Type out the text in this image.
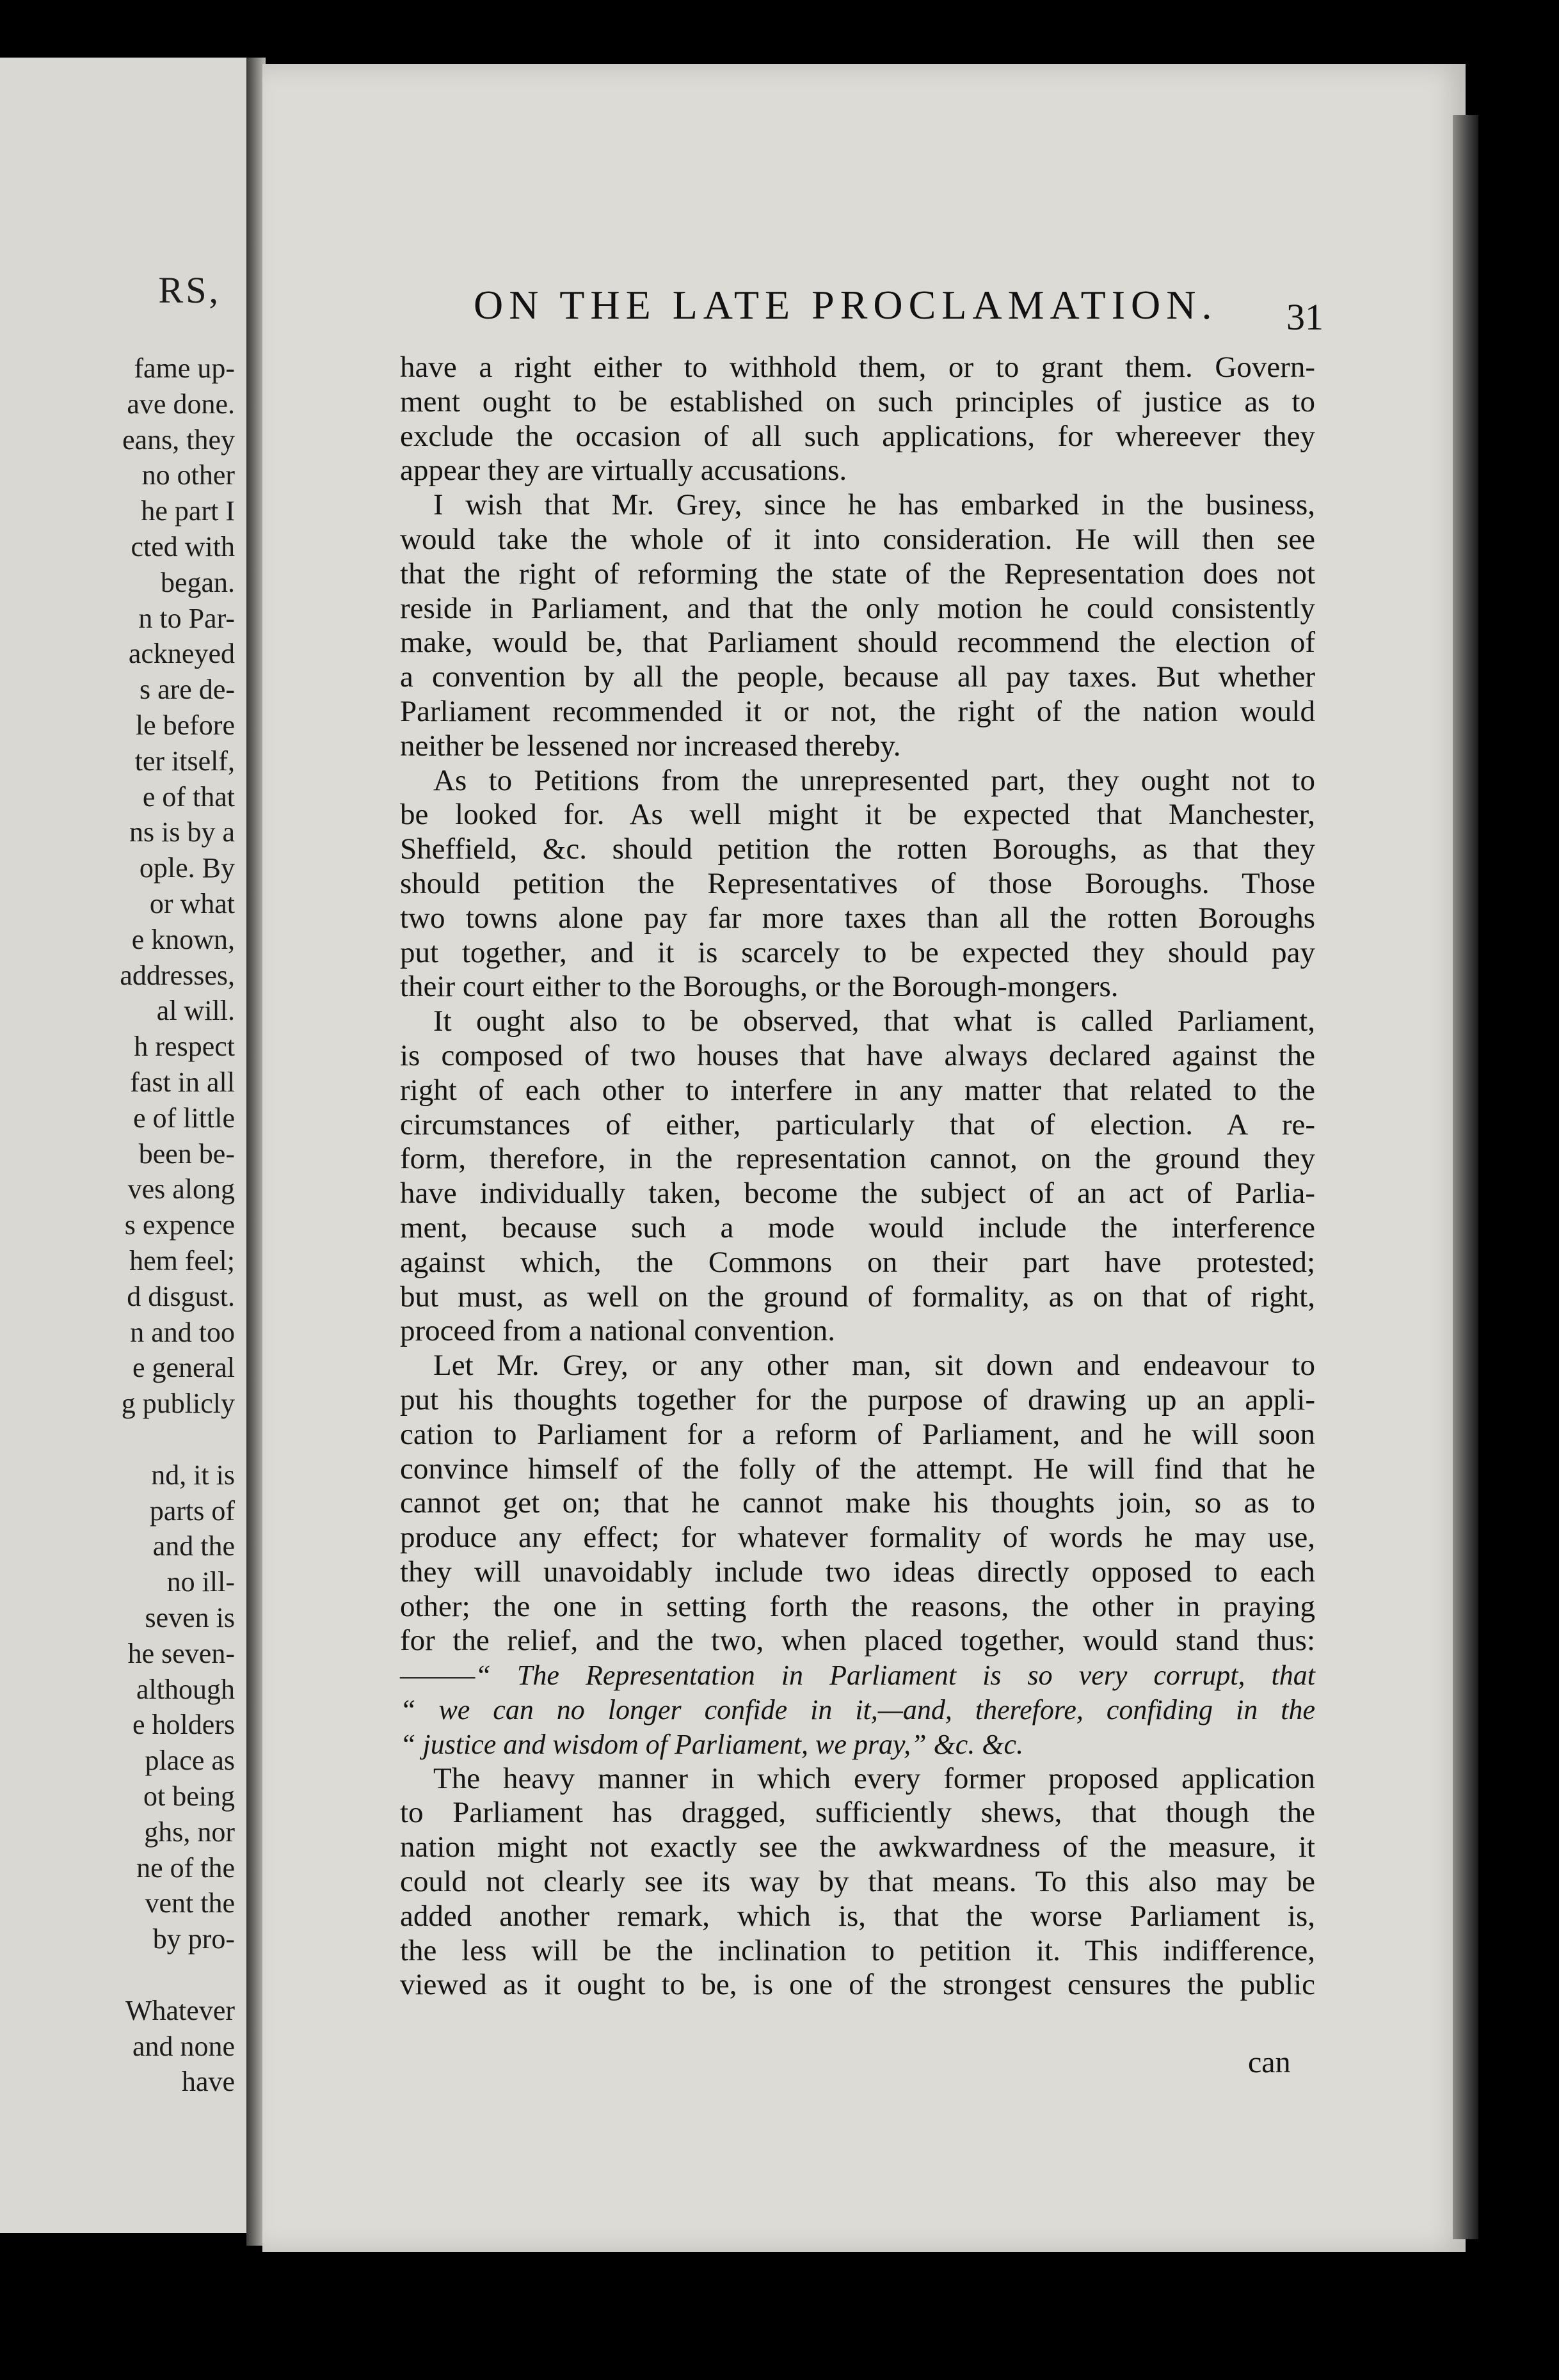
RS,
fame up-
ave done.
eans, they
no other
he part I
cted with
began.
n to Par-
ackneyed
s are de-
le before
ter itself,
e of that
ns is by a
ople. By
or what
e known,
addresses,
al will.
h respect
fast in all
e of little
been be-
ves along
s expence
hem feel;
d disgust.
n and too
e general
g publicly
nd, it is
parts of
and the
no ill-
seven is
he seven-
although
e holders
place as
ot being
ghs, nor
ne of the
vent the
by pro-
Whatever
and none
have
ON THE LATE PROCLAMATION. 31
have a right either to withhold them, or to grant them. Govern-
ment ought to be established on such principles of justice as to
exclude the occasion of all such applications, for whereever they
appear they are virtually accusations.
I wish that Mr. Grey, since he has embarked in the business,
would take the whole of it into consideration. He will then see
that the right of reforming the state of the Representation does not
reside in Parliament, and that the only motion he could consistently
make, would be, that Parliament should recommend the election of
a convention by all the people, because all pay taxes. But whether
Parliament recommended it or not, the right of the nation would
neither be lessened nor increased thereby.
As to Petitions from the unrepresented part, they ought not to
be looked for. As well might it be expected that Manchester,
Sheffield, &c. should petition the rotten Boroughs, as that they
should petition the Representatives of those Boroughs. Those
two towns alone pay far more taxes than all the rotten Boroughs
put together, and it is scarcely to be expected they should pay
their court either to the Boroughs, or the Borough-mongers.
It ought also to be observed, that what is called Parliament,
is composed of two houses that have always declared against the
right of each other to interfere in any matter that related to the
circumstances of either, particularly that of election. A re-
form, therefore, in the representation cannot, on the ground they
have individually taken, become the subject of an act of Parlia-
ment, because such a mode would include the interference
against which, the Commons on their part have protested;
but must, as well on the ground of formality, as on that of right,
proceed from a national convention.
Let Mr. Grey, or any other man, sit down and endeavour to
put his thoughts together for the purpose of drawing up an appli-
cation to Parliament for a reform of Parliament, and he will soon
convince himself of the folly of the attempt. He will find that he
cannot get on; that he cannot make his thoughts join, so as to
produce any effect; for whatever formality of words he may use,
they will unavoidably include two ideas directly opposed to each
other; the one in setting forth the reasons, the other in praying
for the relief, and the two, when placed together, would stand thus:
———“ The Representation in Parliament is so very corrupt, that
“ we can no longer confide in it,—and, therefore, confiding in the
“ justice and wisdom of Parliament, we pray,” &c. &c.
The heavy manner in which every former proposed application
to Parliament has dragged, sufficiently shews, that though the
nation might not exactly see the awkwardness of the measure, it
could not clearly see its way by that means. To this also may be
added another remark, which is, that the worse Parliament is,
the less will be the inclination to petition it. This indifference,
viewed as it ought to be, is one of the strongest censures the public
can
